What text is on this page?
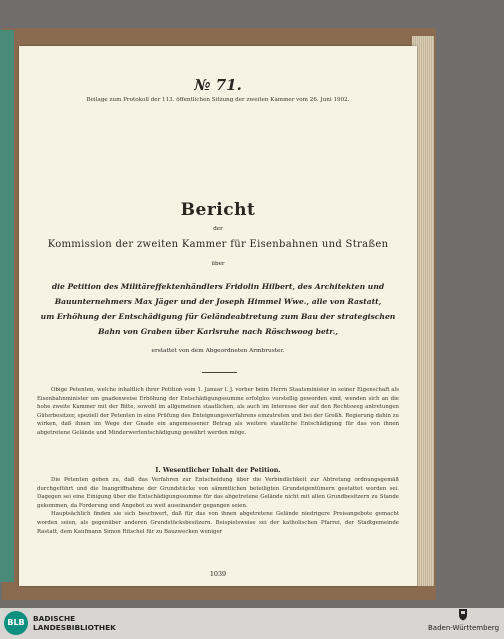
№ 71.
Beilage zum Protokoll der 113. öffentlichen Sitzung der zweiten Kammer vom 26. Juni 1902.
Bericht
der
Kommission der zweiten Kammer für Eisenbahnen und Straßen
über
die Petition des Militäreffektenhändlers Fridolin Hilbert, des Architekten und
Bauunternehmers Max Jäger und der Joseph Himmel Wwe., alle von Rastatt,
um Erhöhung der Entschädigung für Geländeabtretung zum Bau der strategischen
Bahn von Graben über Karlsruhe nach Röschwoog betr.,
erstattet von dem Abgeordneten Armbruster.

Obige Petenten, welche inhaltlich ihrer Petition vom 1. Januar l. J. vorher beim Herrn Staatsminister in seiner Eigenschaft als Eisenbahnminister um gnadenweise Erhöhung der Entschädigungssumme erfolglos vorstellig geworden sind, wenden sich an die hohe zweite Kammer mit der Bitte, sowohl im allgemeinen staatlichen, als auch im Interesse der auf den Rechtsweg antretungen Güterbesitzer, speziell der Petenten in eine Prüfung des Enteignungsverfahrens einzutreten und bei der Großh. Regierung dahin zu wirken, daß ihnen im Wege der Gnade ein angemessener Betrag als weitere staatliche Entschädigung für das von ihnen abgetretene Gelände und Minderwertentschädigung gewährt werden möge.

I. Wesentlicher Inhalt der Petition.

Die Petenten geben zu, daß das Verfahren zur Entscheidung über die Verbindlichkeit zur Abtretung ordnungsgemäß durchgeführt und die Inangriffnahme der Grundstücke von sämmtlichen beteiligten Grundeigentümern gestattet worden sei. Dagegen sei eine Einigung über die Entschädigungssumme für das abgetretene Gelände nicht mit allen Grundbesitzern zu Stande gekommen, da Forderung und Angebot zu weit auseinander gegangen seien.

Hauptsächlich finden sie sich beschwert, daß für das von ihnen abgetretene Gelände niedrigere Preisangebote gemacht worden seien, als gegenüber anderen Grundstücksbesitzern. Beispielsweise sei der katholischen Pfarrei, der Stadtgemeinde Rastatt, dem Kaufmann Simon Ritschel für zu Bauzwecken weniger

1039
BLB	BADISCHE
LANDESBIBLIOTHEK	Baden-Württemberg
